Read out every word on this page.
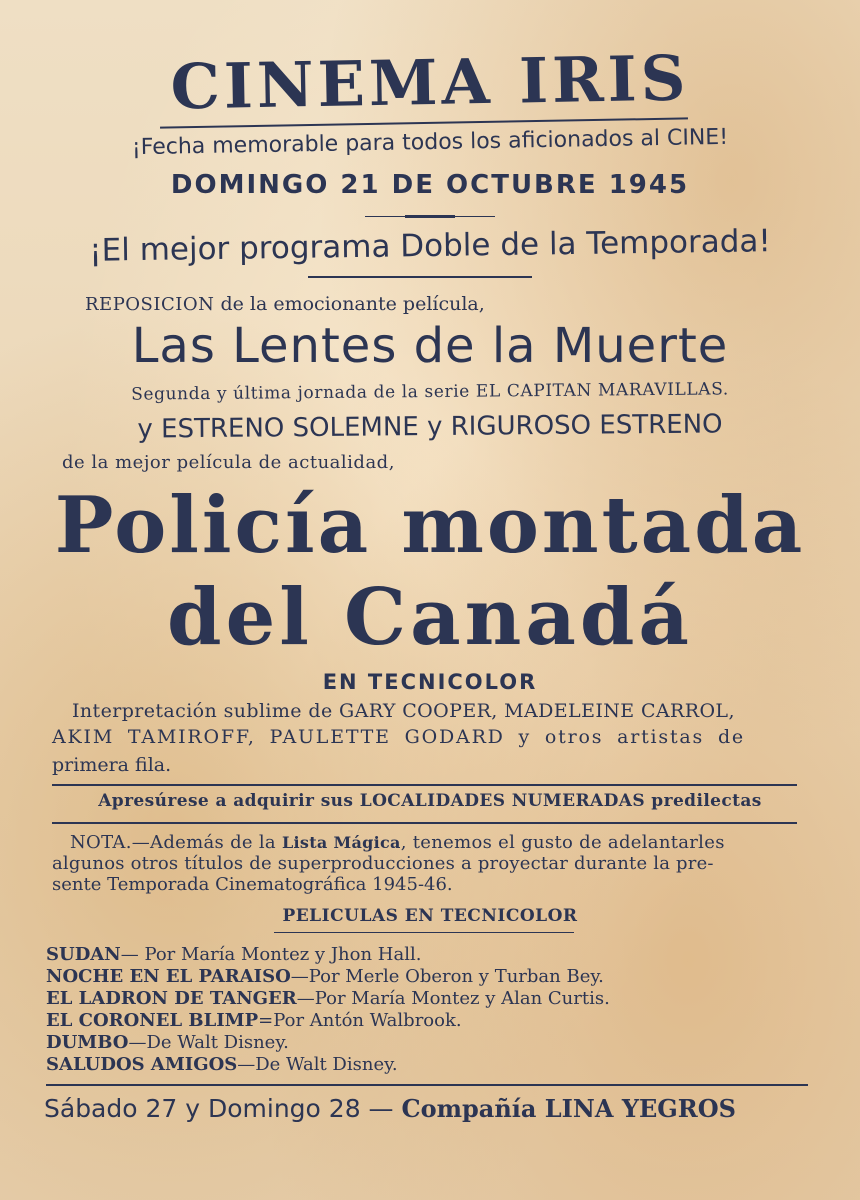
CINEMA IRIS
¡Fecha memorable para todos los aficionados al CINE!
DOMINGO 21 DE OCTUBRE 1945
¡El mejor programa Doble de la Temporada!
REPOSICION de la emocionante película,
Las Lentes de la Muerte
Segunda y última jornada de la serie EL CAPITAN MARAVILLAS.
y ESTRENO SOLEMNE y RIGUROSO ESTRENO
de la mejor película de actualidad,
Policía montada
del Canadá
EN TECNICOLOR
Interpretación sublime de GARY COOPER, MADELEINE CARROL,
AKIM TAMIROFF, PAULETTE GODARD y otros artistas de
primera fila.
Apresúrese a adquirir sus LOCALIDADES NUMERADAS predilectas
NOTA.—Además de la Lista Mágica, tenemos el gusto de adelantarles
algunos otros títulos de superproducciones a proyectar durante la pre-
sente Temporada Cinematográfica 1945-46.
PELICULAS EN TECNICOLOR
SUDAN— Por María Montez y Jhon Hall.
NOCHE EN EL PARAISO—Por Merle Oberon y Turban Bey.
EL LADRON DE TANGER—Por María Montez y Alan Curtis.
EL CORONEL BLIMP=Por Antón Walbrook.
DUMBO—De Walt Disney.
SALUDOS AMIGOS—De Walt Disney.
Sábado 27 y Domingo 28 — Compañía LINA YEGROS
